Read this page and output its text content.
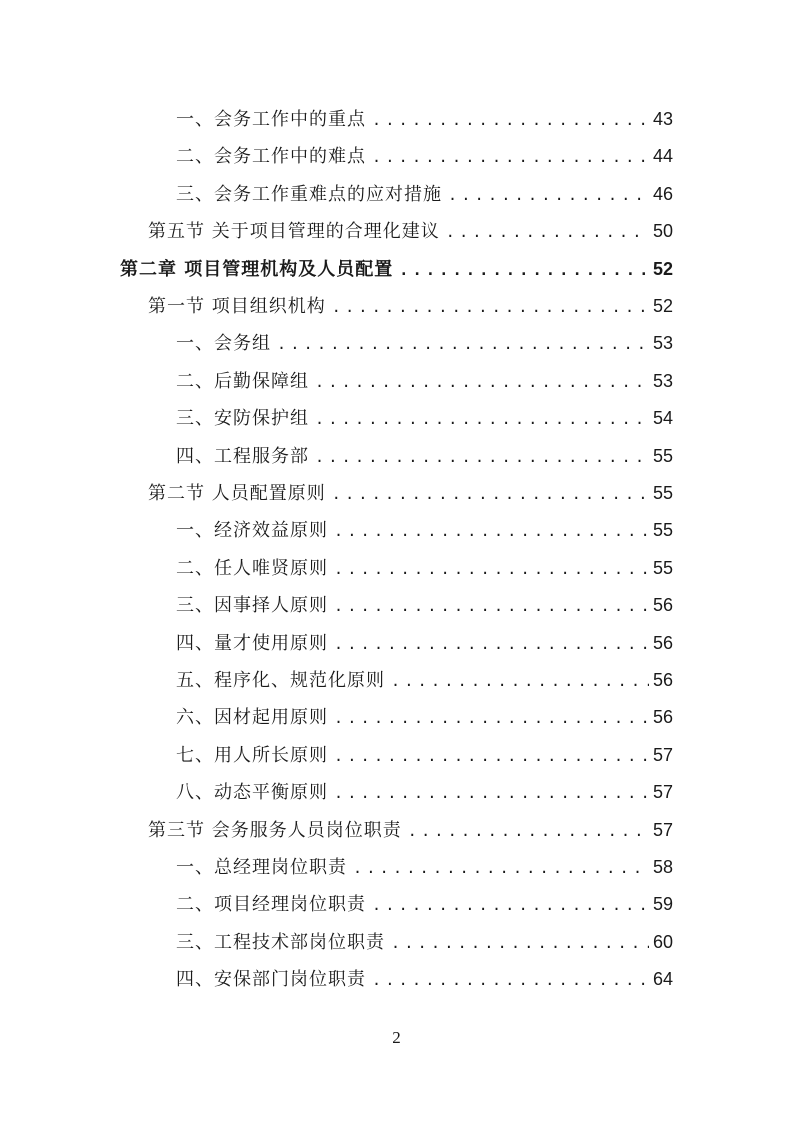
一、会务工作中的重点 .....	43
二、会务工作中的难点 .....	44
三、会务工作重难点的应对措施 .....	46
第五节 关于项目管理的合理化建议 .....	50
第二章 项目管理机构及人员配置 .....	52
第一节 项目组织机构 .....	52
一、会务组 .....	53
二、后勤保障组 .....	53
三、安防保护组 .....	54
四、工程服务部 .....	55
第二节 人员配置原则 .....	55
一、经济效益原则 .....	55
二、任人唯贤原则 .....	55
三、因事择人原则 .....	56
四、量才使用原则 .....	56
五、程序化、规范化原则 .....	56
六、因材起用原则 .....	56
七、用人所长原则 .....	57
八、动态平衡原则 .....	57
第三节 会务服务人员岗位职责 .....	57
一、总经理岗位职责 .....	58
二、项目经理岗位职责 .....	59
三、工程技术部岗位职责 .....	60
四、安保部门岗位职责 .....	64
2
